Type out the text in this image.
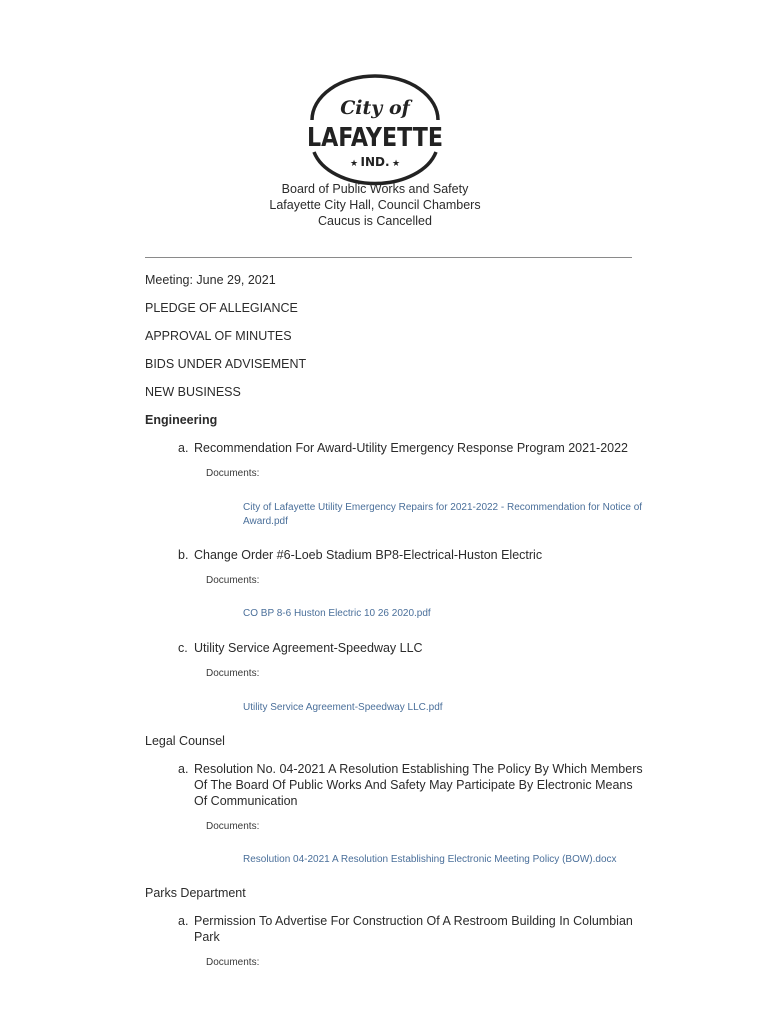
City of
LAFAYETTE
★ IND. ★
Board of Public Works and Safety
Lafayette City Hall, Council Chambers
Caucus is Cancelled
Meeting: June 29, 2021
PLEDGE OF ALLEGIANCE
APPROVAL OF MINUTES
BIDS UNDER ADVISEMENT
NEW BUSINESS
Engineering
a. Recommendation For Award-Utility Emergency Response Program 2021-2022
Documents:
City of Lafayette Utility Emergency Repairs for 2021-2022 - Recommendation for Notice of Award.pdf
b. Change Order #6-Loeb Stadium BP8-Electrical-Huston Electric
Documents:
CO BP 8-6 Huston Electric 10 26 2020.pdf
c. Utility Service Agreement-Speedway LLC
Documents:
Utility Service Agreement-Speedway LLC.pdf
Legal Counsel
a. Resolution No. 04-2021 A Resolution Establishing The Policy By Which Members Of The Board Of Public Works And Safety May Participate By Electronic Means Of Communication
Documents:
Resolution 04-2021 A Resolution Establishing Electronic Meeting Policy (BOW).docx
Parks Department
a. Permission To Advertise For Construction Of A Restroom Building In Columbian Park
Documents:
